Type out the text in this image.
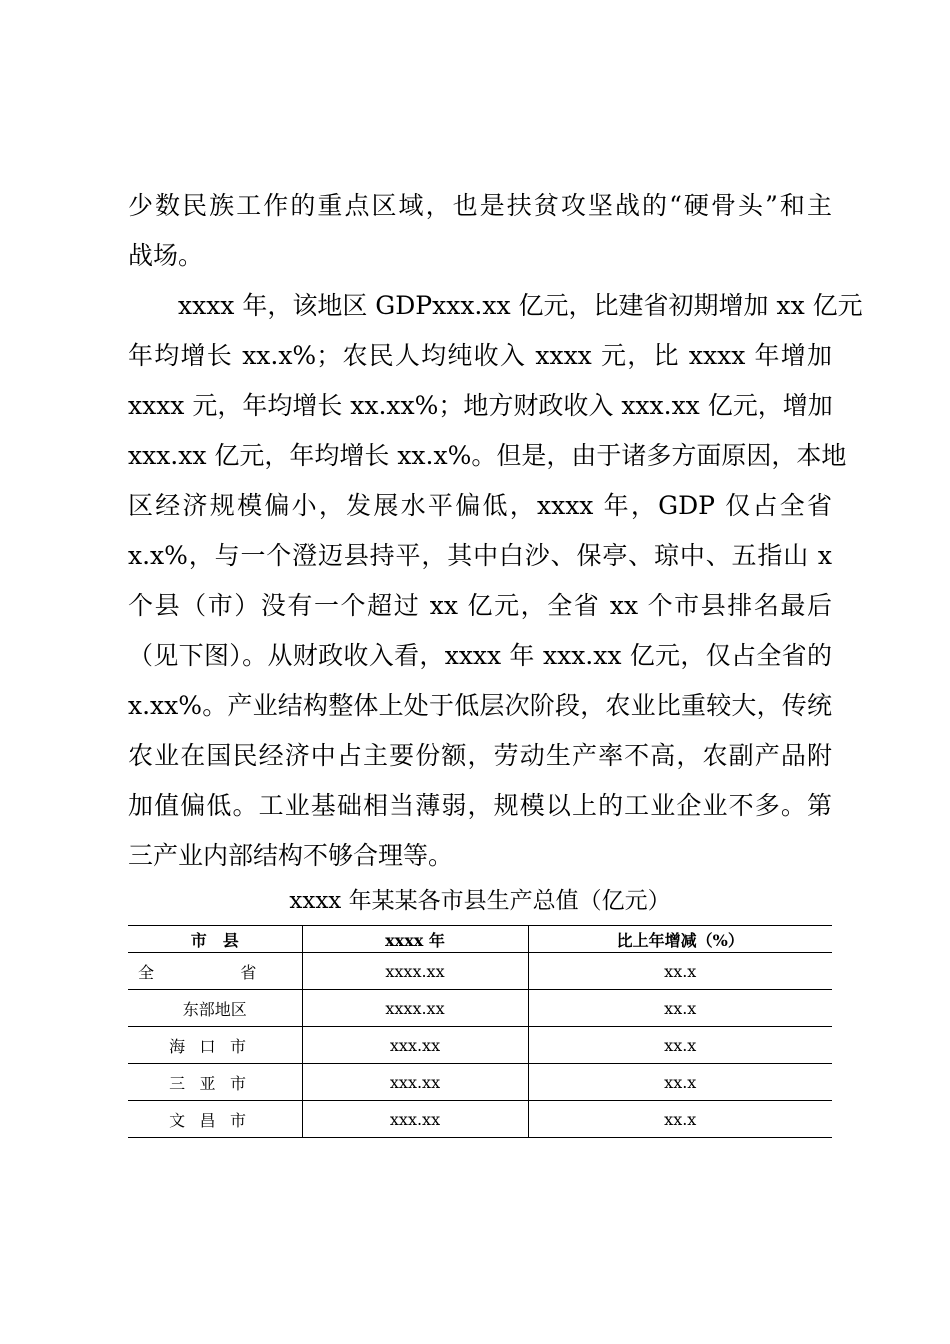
少数民族工作的重点区域，也是扶贫攻坚战的“硬骨头”和主
战场。
　　xxxx 年，该地区 GDPxxx.xx 亿元，比建省初期增加 xx 亿元
年均增长 xx.x%；农民人均纯收入 xxxx 元，比 xxxx 年增加
xxxx 元，年均增长 xx.xx%；地方财政收入 xxx.xx 亿元，增加
xxx.xx 亿元，年均增长 xx.x%。但是，由于诸多方面原因，本地
区经济规模偏小，发展水平偏低，xxxx 年，GDP 仅占全省
x.x%，与一个澄迈县持平，其中白沙、保亭、琼中、五指山 x
个县（市）没有一个超过 xx 亿元，全省 xx 个市县排名最后
（见下图）。从财政收入看，xxxx 年 xxx.xx 亿元，仅占全省的
x.xx%。产业结构整体上处于低层次阶段，农业比重较大，传统
农业在国民经济中占主要份额，劳动生产率不高，农副产品附
加值偏低。工业基础相当薄弱，规模以上的工业企业不多。第
三产业内部结构不够合理等。
xxxx 年某某各市县生产总值（亿元）
市　县	xxxx 年	比上年增减（%）
全　省	xxxx.xx	xx.x
东部地区	xxxx.xx	xx.x
海口市	xxx.xx	xx.x
三亚市	xxx.xx	xx.x
文昌市	xxx.xx	xx.x
